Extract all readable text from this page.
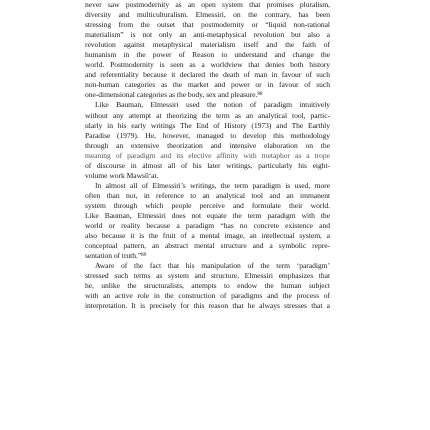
never saw postmodernity as an open system that promises pluralism,
diversity and multiculturalism. Elmessiri, on the contrary, has been
stressing from the outset that postmodernity or “liquid non-rational
materialism” is not only an anti-metaphysical revolution but also a
revolution against metaphysical materialism itself and the faith of
humanism in the power of Reason to understand and change the
world. Postmodernity is seen as a worldview that denies both history
and referentiality because it declared the death of man in favour of such
non-human categories as the market and power or in favour of such
one-dimensional categories as the body, sex and pleasure.⁸⁸
Like Bauman, Elmessiri used the notion of paradigm intuitively
without any attempt at theorizing the term as an analytical tool, partic-
ularly in his early writings The End of History (1973) and The Earthly
Paradise (1979). He, however, managed to develop this methodology
through an extensive theorization and intensive elaboration on the
meaning of paradigm and its elective affinity with metaphor as a trope
of discourse in almost all of his later writings, particularly his eight-
volume work Mawsū‘at.
In almost all of Elmessiri’s writings, the term paradigm is used, more
often than not, in reference to an analytical tool and an immanent
system through which people perceive and formulate their world.
Like Bauman, Elmessiri does not equate the term paradigm with the
world or reality because a paradigm “has no concrete existence and
also because it is the fruit of a mental image, an intellectual system, a
conceptual pattern, an abstract mental structure and a symbolic repre-
sentation of truth.”⁸⁹
Aware of the fact that his manipulation of the term ‘paradigm’
stressed such terms as system and structure, Elmessiri emphasizes that
he, unlike the structuralists, attempts to endow the human subject
with an active role in the construction of paradigms and the process of
interpretation. It is precisely for this reason that he always stresses that a
